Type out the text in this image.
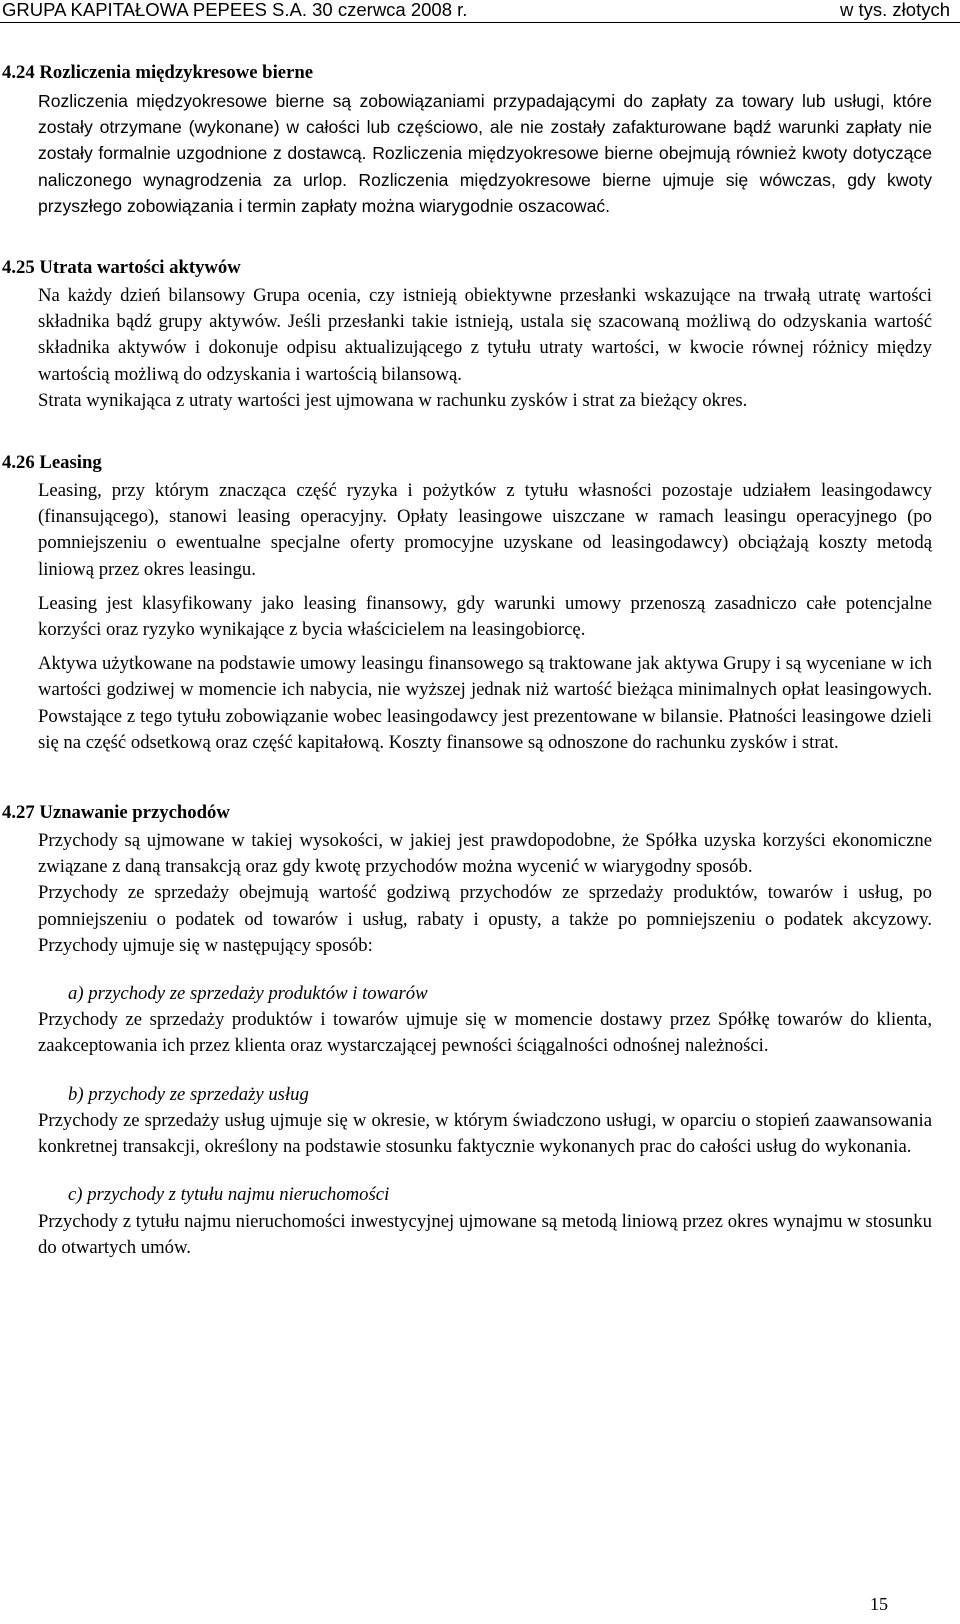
GRUPA KAPITAŁOWA PEPEES S.A. 30 czerwca 2008 r.	w tys. złotych
4.24 Rozliczenia międzykresowe bierne

Rozliczenia międzyokresowe bierne są zobowiązaniami przypadającymi do zapłaty za towary lub usługi, które zostały otrzymane (wykonane) w całości lub częściowo, ale nie zostały zafakturowane bądź warunki zapłaty nie zostały formalnie uzgodnione z dostawcą. Rozliczenia międzyokresowe bierne obejmują również kwoty dotyczące naliczonego wynagrodzenia za urlop. Rozliczenia międzyokresowe bierne ujmuje się wówczas, gdy kwoty przyszłego zobowiązania i termin zapłaty można wiarygodnie oszacować.

4.25 Utrata wartości aktywów

Na każdy dzień bilansowy Grupa ocenia, czy istnieją obiektywne przesłanki wskazujące na trwałą utratę wartości składnika bądź grupy aktywów. Jeśli przesłanki takie istnieją, ustala się szacowaną możliwą do odzyskania wartość składnika aktywów i dokonuje odpisu aktualizującego z tytułu utraty wartości, w kwocie równej różnicy między wartością możliwą do odzyskania i wartością bilansową.

Strata wynikająca z utraty wartości jest ujmowana w rachunku zysków i strat za bieżący okres.

4.26 Leasing

Leasing, przy którym znacząca część ryzyka i pożytków z tytułu własności pozostaje udziałem leasingodawcy (finansującego), stanowi leasing operacyjny. Opłaty leasingowe uiszczane w ramach leasingu operacyjnego (po pomniejszeniu o ewentualne specjalne oferty promocyjne uzyskane od leasingodawcy) obciążają koszty metodą liniową przez okres leasingu.

Leasing jest klasyfikowany jako leasing finansowy, gdy warunki umowy przenoszą zasadniczo całe potencjalne korzyści oraz ryzyko wynikające z bycia właścicielem na leasingobiorcę.

Aktywa użytkowane na podstawie umowy leasingu finansowego są traktowane jak aktywa Grupy i są wyceniane w ich wartości godziwej w momencie ich nabycia, nie wyższej jednak niż wartość bieżąca minimalnych opłat leasingowych. Powstające z tego tytułu zobowiązanie wobec leasingodawcy jest prezentowane w bilansie. Płatności leasingowe dzieli się na część odsetkową oraz część kapitałową. Koszty finansowe są odnoszone do rachunku zysków i strat.

4.27 Uznawanie przychodów

Przychody są ujmowane w takiej wysokości, w jakiej jest prawdopodobne, że Spółka uzyska korzyści ekonomiczne związane z daną transakcją oraz gdy kwotę przychodów można wycenić w wiarygodny sposób.

Przychody ze sprzedaży obejmują wartość godziwą przychodów ze sprzedaży produktów, towarów i usług, po pomniejszeniu o podatek od towarów i usług, rabaty i opusty, a także po pomniejszeniu o podatek akcyzowy. Przychody ujmuje się w następujący sposób:

a) przychody ze sprzedaży produktów i towarów

Przychody ze sprzedaży produktów i towarów ujmuje się w momencie dostawy przez Spółkę towarów do klienta, zaakceptowania ich przez klienta oraz wystarczającej pewności ściągalności odnośnej należności.

b) przychody ze sprzedaży usług

Przychody ze sprzedaży usług ujmuje się w okresie, w którym świadczono usługi, w oparciu o stopień zaawansowania konkretnej transakcji, określony na podstawie stosunku faktycznie wykonanych prac do całości usług do wykonania.

c) przychody z tytułu najmu nieruchomości

Przychody z tytułu najmu nieruchomości inwestycyjnej ujmowane są metodą liniową przez okres wynajmu w stosunku do otwartych umów.

15
